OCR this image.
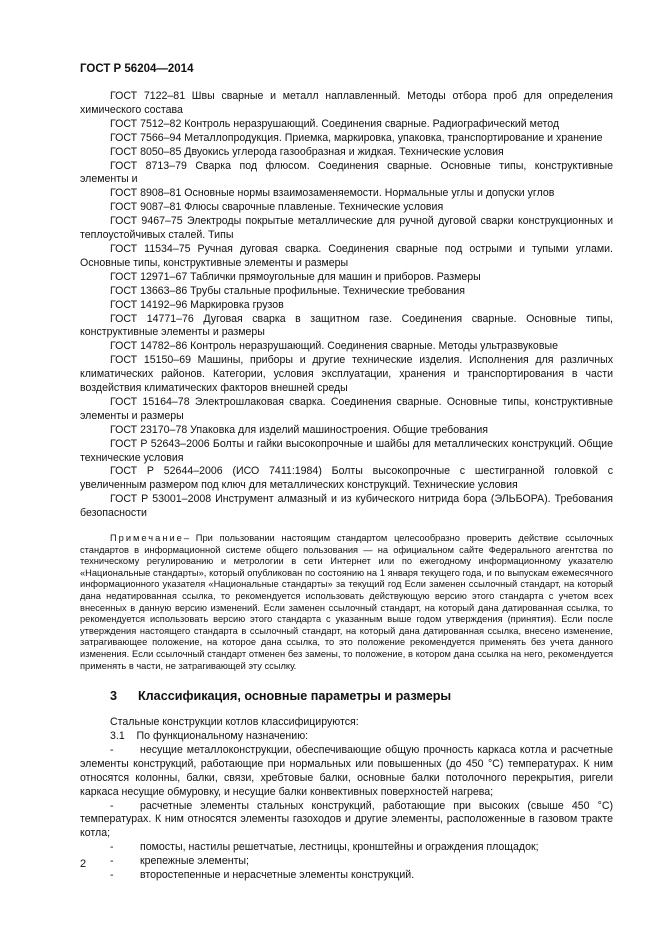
ГОСТ Р 56204—2014

ГОСТ 7122–81 Швы сварные и металл наплавленный. Методы отбора проб для определения химического состава

ГОСТ 7512–82 Контроль неразрушающий. Соединения сварные. Радиографический метод

ГОСТ 7566–94 Металлопродукция. Приемка, маркировка, упаковка, транспортирование и хранение

ГОСТ 8050–85 Двуокись углерода газообразная и жидкая. Технические условия

ГОСТ 8713–79 Сварка под флюсом. Соединения сварные. Основные типы, конструктивные элементы и

ГОСТ 8908–81 Основные нормы взаимозаменяемости. Нормальные углы и допуски углов

ГОСТ 9087–81 Флюсы сварочные плавленые. Технические условия

ГОСТ 9467–75 Электроды покрытые металлические для ручной дуговой сварки конструкционных и теплоустойчивых сталей. Типы

ГОСТ 11534–75 Ручная дуговая сварка. Соединения сварные под острыми и тупыми углами. Основные типы, конструктивные элементы и размеры

ГОСТ 12971–67 Таблички прямоугольные для машин и приборов. Размеры

ГОСТ 13663–86 Трубы стальные профильные. Технические требования

ГОСТ 14192–96 Маркировка грузов

ГОСТ 14771–76 Дуговая сварка в защитном газе. Соединения сварные. Основные типы, конструктивные элементы и размеры

ГОСТ 14782–86 Контроль неразрушающий. Соединения сварные. Методы ультразвуковые

ГОСТ 15150–69 Машины, приборы и другие технические изделия. Исполнения для различных климатических районов. Категории, условия эксплуатации, хранения и транспортирования в части воздействия климатических факторов внешней среды

ГОСТ 15164–78 Электрошлаковая сварка. Соединения сварные. Основные типы, конструктивные элементы и размеры

ГОСТ 23170–78 Упаковка для изделий машиностроения. Общие требования

ГОСТ Р 52643–2006 Болты и гайки высокопрочные и шайбы для металлических конструкций. Общие технические условия

ГОСТ Р 52644–2006 (ИСО 7411:1984) Болты высокопрочные с шестигранной головкой с увеличенным размером под ключ для металлических конструкций. Технические условия

ГОСТ Р 53001–2008 Инструмент алмазный и из кубического нитрида бора (ЭЛЬБОРА). Требования безопасности

Примечание– При пользовании настоящим стандартом целесообразно проверить действие ссылочных стандартов в информационной системе общего пользования — на официальном сайте Федерального агентства по техническому регулированию и метрологии в сети Интернет или по ежегодному информационному указателю «Национальные стандарты», который опубликован по состоянию на 1 января текущего года, и по выпускам ежемесячного информационного указателя «Национальные стандарты» за текущий год Если заменен ссылочный стандарт, на который дана недатированная ссылка, то рекомендуется использовать действующую версию этого стандарта с учетом всех внесенных в данную версию изменений. Если заменен ссылочный стандарт, на который дана датированная ссылка, то рекомендуется использовать версию этого стандарта с указанным выше годом утверждения (принятия). Если после утверждения настоящего стандарта в ссылочный стандарт, на который дана датированная ссылка, внесено изменение, затрагивающее положение, на которое дана ссылка, то это положение рекомендуется применять без учета данного изменения. Если ссылочный стандарт отменен без замены, то положение, в котором дана ссылка на него, рекомендуется применять в части, не затрагивающей эту ссылку.
3 Классификация, основные параметры и размеры

Стальные конструкции котлов классифицируются:

3.1    По функциональному назначению:

- несущие металлоконструкции, обеспечивающие общую прочность каркаса котла и расчетные элементы конструкций, работающие при нормальных или повышенных (до 450 °C) температурах. К ним относятся колонны, балки, связи, хребтовые балки, основные балки потолочного перекрытия, ригели каркаса несущие обмуровку, и несущие балки конвективных поверхностей нагрева;

- расчетные элементы стальных конструкций, работающие при высоких (свыше 450 °C) температурах. К ним относятся элементы газоходов и другие элементы, расположенные в газовом тракте котла;

- помосты, настилы решетчатые, лестницы, кронштейны и ограждения площадок;

- крепежные элементы;

- второстепенные и нерасчетные элементы конструкций.

2
